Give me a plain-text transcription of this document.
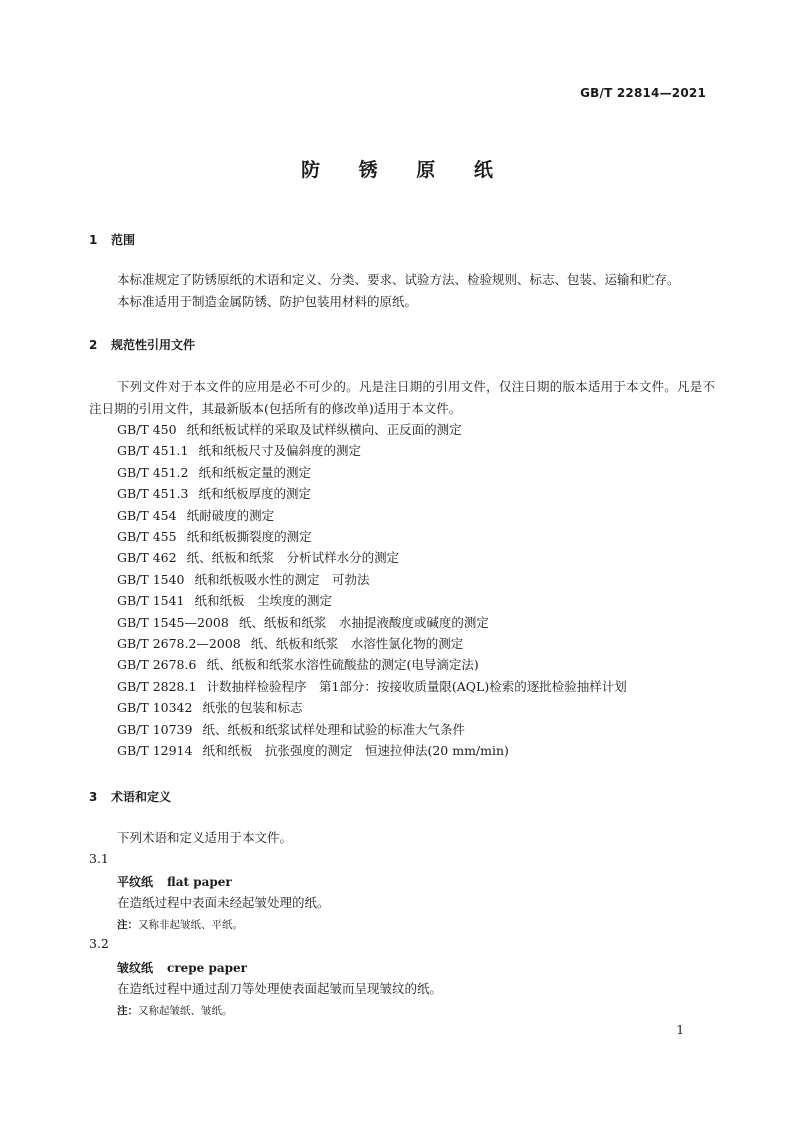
GB/T 22814—2021
防 锈 原 纸
1 范围
本标准规定了防锈原纸的术语和定义、分类、要求、试验方法、检验规则、标志、包装、运输和贮存。
本标准适用于制造金属防锈、防护包装用材料的原纸。
2 规范性引用文件
下列文件对于本文件的应用是必不可少的。凡是注日期的引用文件，仅注日期的版本适用于本文件。凡是不注日期的引用文件，其最新版本(包括所有的修改单)适用于本文件。
GB/T 450 纸和纸板试样的采取及试样纵横向、正反面的测定
GB/T 451.1 纸和纸板尺寸及偏斜度的测定
GB/T 451.2 纸和纸板定量的测定
GB/T 451.3 纸和纸板厚度的测定
GB/T 454 纸耐破度的测定
GB/T 455 纸和纸板撕裂度的测定
GB/T 462 纸、纸板和纸浆　分析试样水分的测定
GB/T 1540 纸和纸板吸水性的测定　可勃法
GB/T 1541 纸和纸板　尘埃度的测定
GB/T 1545—2008 纸、纸板和纸浆　水抽提液酸度或碱度的测定
GB/T 2678.2—2008 纸、纸板和纸浆　水溶性氯化物的测定
GB/T 2678.6 纸、纸板和纸浆水溶性硫酸盐的测定(电导滴定法)
GB/T 2828.1 计数抽样检验程序　第1部分：按接收质量限(AQL)检索的逐批检验抽样计划
GB/T 10342 纸张的包装和标志
GB/T 10739 纸、纸板和纸浆试样处理和试验的标准大气条件
GB/T 12914 纸和纸板　抗张强度的测定　恒速拉伸法(20 mm/min)
3 术语和定义
下列术语和定义适用于本文件。
3.1
平纹纸 flat paper
在造纸过程中表面未经起皱处理的纸。
注：又称非起皱纸、平纸。
3.2
皱纹纸 crepe paper
在造纸过程中通过刮刀等处理使表面起皱而呈现皱纹的纸。
注：又称起皱纸、皱纸。
1
